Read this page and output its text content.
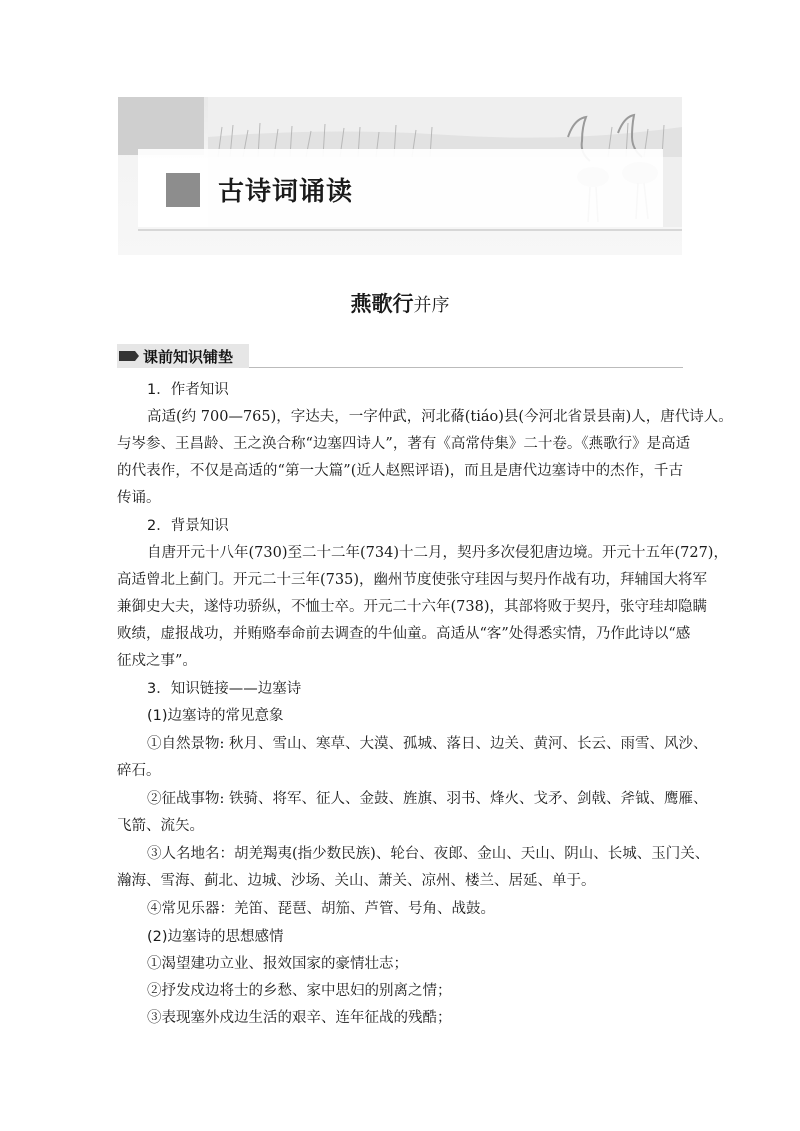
古诗词诵读
燕歌行并序
课前知识铺垫
1．作者知识
高适(约 700—765)，字达夫，一字仲武，河北蓨(tiáo)县(今河北省景县南)人，唐代诗人。
与岑参、王昌龄、王之涣合称“边塞四诗人”，著有《高常侍集》二十卷。《燕歌行》是高适
的代表作，不仅是高适的“第一大篇”(近人赵熙评语)，而且是唐代边塞诗中的杰作，千古
传诵。
2．背景知识
自唐开元十八年(730)至二十二年(734)十二月，契丹多次侵犯唐边境。开元十五年(727)，
高适曾北上蓟门。开元二十三年(735)，幽州节度使张守珪因与契丹作战有功，拜辅国大将军
兼御史大夫，遂恃功骄纵，不恤士卒。开元二十六年(738)，其部将败于契丹，张守珪却隐瞒
败绩，虚报战功，并贿赂奉命前去调查的牛仙童。高适从“客”处得悉实情，乃作此诗以“感
征戍之事”。
3．知识链接——边塞诗
(1)边塞诗的常见意象
①自然景物: 秋月、雪山、寒草、大漠、孤城、落日、边关、黄河、长云、雨雪、风沙、
碎石。
②征战事物: 铁骑、将军、征人、金鼓、旌旗、羽书、烽火、戈矛、剑戟、斧钺、鹰雁、
飞箭、流矢。
③人名地名：胡羌羯夷(指少数民族)、轮台、夜郎、金山、天山、阴山、长城、玉门关、
瀚海、雪海、蓟北、边城、沙场、关山、萧关、凉州、楼兰、居延、单于。
④常见乐器：羌笛、琵琶、胡笳、芦管、号角、战鼓。
(2)边塞诗的思想感情
①渴望建功立业、报效国家的豪情壮志；
②抒发戍边将士的乡愁、家中思妇的别离之情；
③表现塞外戍边生活的艰辛、连年征战的残酷；
